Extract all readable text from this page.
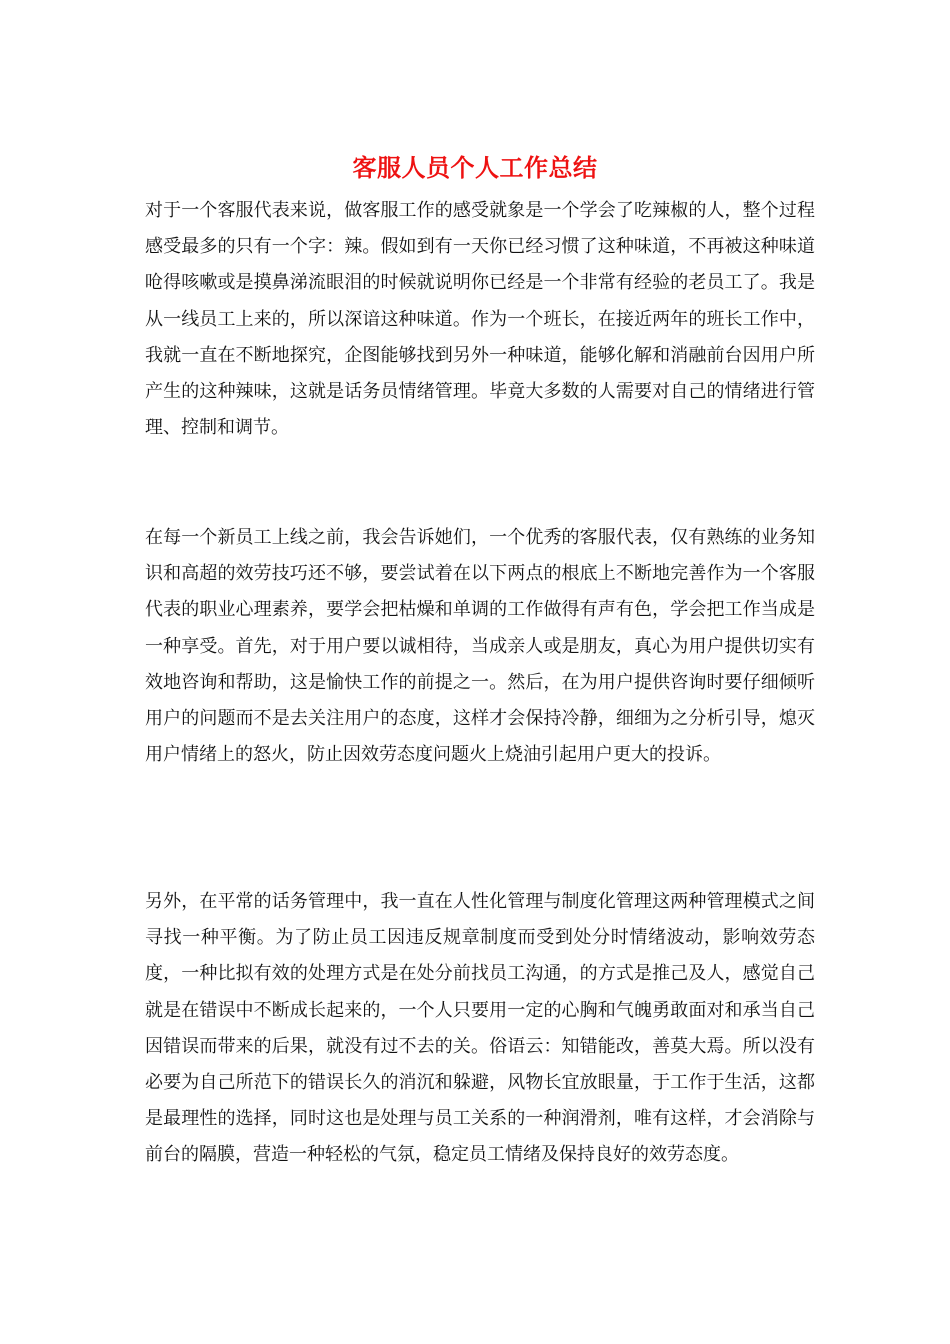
客服人员个人工作总结

对于一个客服代表来说，做客服工作的感受就象是一个学会了吃辣椒的人，整个过程感受最多的只有一个字：辣。假如到有一天你已经习惯了这种味道，不再被这种味道呛得咳嗽或是摸鼻涕流眼泪的时候就说明你已经是一个非常有经验的老员工了。我是从一线员工上来的，所以深谙这种味道。作为一个班长，在接近两年的班长工作中，我就一直在不断地探究，企图能够找到另外一种味道，能够化解和消融前台因用户所产生的这种辣味，这就是话务员情绪管理。毕竟大多数的人需要对自己的情绪进行管理、控制和调节。

在每一个新员工上线之前，我会告诉她们，一个优秀的客服代表，仅有熟练的业务知识和高超的效劳技巧还不够，要尝试着在以下两点的根底上不断地完善作为一个客服代表的职业心理素养，要学会把枯燥和单调的工作做得有声有色，学会把工作当成是一种享受。首先，对于用户要以诚相待，当成亲人或是朋友，真心为用户提供切实有效地咨询和帮助，这是愉快工作的前提之一。然后，在为用户提供咨询时要仔细倾听用户的问题而不是去关注用户的态度，这样才会保持冷静，细细为之分析引导，熄灭用户情绪上的怒火，防止因效劳态度问题火上烧油引起用户更大的投诉。

另外，在平常的话务管理中，我一直在人性化管理与制度化管理这两种管理模式之间寻找一种平衡。为了防止员工因违反规章制度而受到处分时情绪波动，影响效劳态度，一种比拟有效的处理方式是在处分前找员工沟通，的方式是推己及人，感觉自己就是在错误中不断成长起来的，一个人只要用一定的心胸和气魄勇敢面对和承当自己因错误而带来的后果，就没有过不去的关。俗语云：知错能改，善莫大焉。所以没有必要为自己所范下的错误长久的消沉和躲避，风物长宜放眼量，于工作于生活，这都是最理性的选择，同时这也是处理与员工关系的一种润滑剂，唯有这样，才会消除与前台的隔膜，营造一种轻松的气氛，稳定员工情绪及保持良好的效劳态度。
